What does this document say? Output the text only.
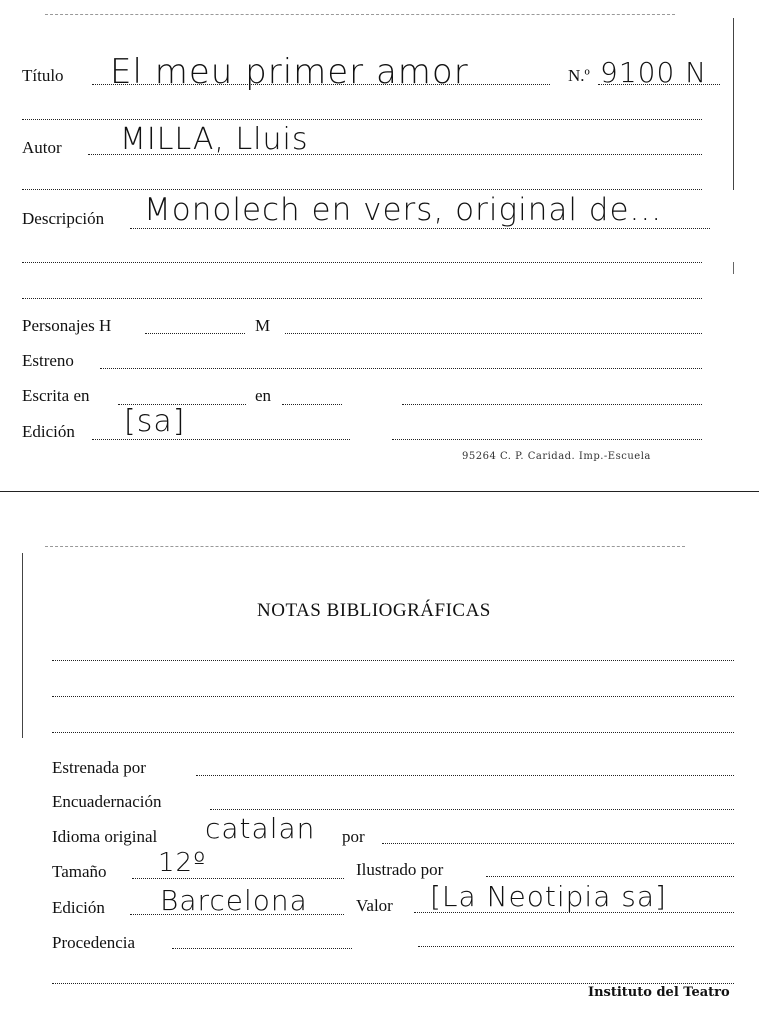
Título El meu primer amor	N.º 9100 N
Autor MILLA, Lluis
Descripción Monolech en vers, original de...
Personajes H	M
Estreno
Escrita en	en
Edición [sa]
95264 C. P. Caridad. Imp.-Escuela
NOTAS BIBLIOGRÁFICAS
Estrenada por
Encuadernación
Idioma original catalan por
Tamaño 12º	Ilustrado por
Edición Barcelona	Valor [La Neotipia sa]
Procedencia
Instituto del Teatro
